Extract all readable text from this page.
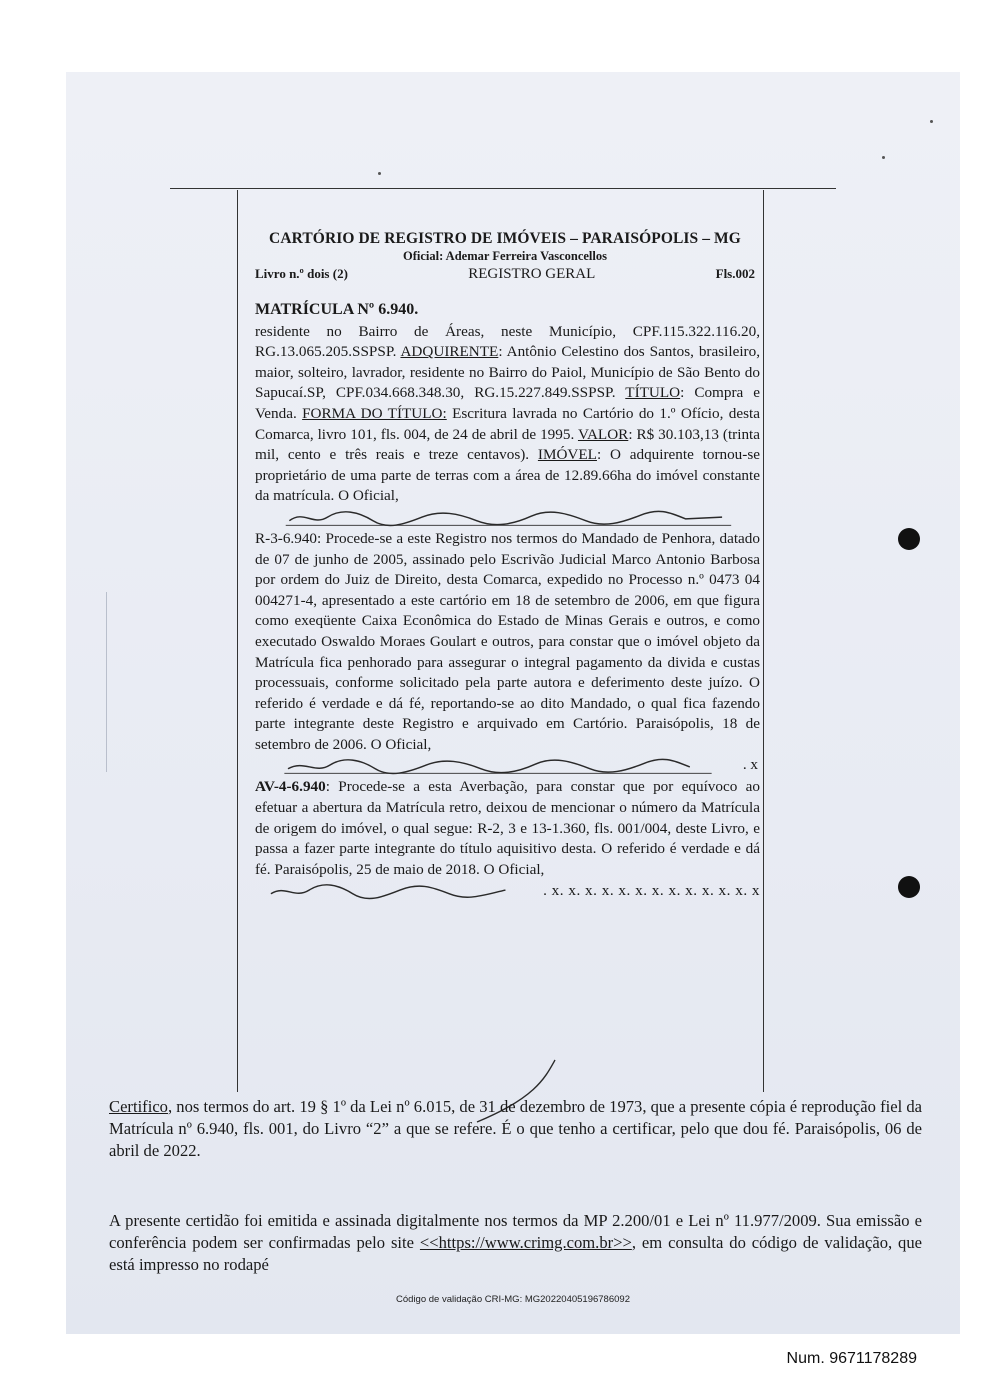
CARTÓRIO DE REGISTRO DE IMÓVEIS – PARAISÓPOLIS – MG
Oficial: Ademar Ferreira Vasconcellos
Livro n.º dois (2)	REGISTRO GERAL	Fls.002
MATRÍCULA Nº 6.940.

residente no Bairro de Áreas, neste Município, CPF.115.322.116.20, RG.13.065.205.SSPSP. ADQUIRENTE: Antônio Celestino dos Santos, brasileiro, maior, solteiro, lavrador, residente no Bairro do Paiol, Município de São Bento do Sapucaí.SP, CPF.034.668.348.30, RG.15.227.849.SSPSP. TÍTULO: Compra e Venda. FORMA DO TÍTULO: Escritura lavrada no Cartório do 1.º Ofício, desta Comarca, livro 101, fls. 004, de 24 de abril de 1995. VALOR: R$ 30.103,13 (trinta mil, cento e três reais e treze centavos). IMÓVEL: O adquirente tornou-se proprietário de uma parte de terras com a área de 12.89.66ha do imóvel constante da matrícula. O Oficial,

R-3-6.940: Procede-se a este Registro nos termos do Mandado de Penhora, datado de 07 de junho de 2005, assinado pelo Escrivão Judicial Marco Antonio Barbosa por ordem do Juiz de Direito, desta Comarca, expedido no Processo n.º 0473 04 004271-4, apresentado a este cartório em 18 de setembro de 2006, em que figura como exeqüente Caixa Econômica do Estado de Minas Gerais e outros, e como executado Oswaldo Moraes Goulart e outros, para constar que o imóvel objeto da Matrícula fica penhorado para assegurar o integral pagamento da divida e custas processuais, conforme solicitado pela parte autora e deferimento deste juízo. O referido é verdade e dá fé, reportando-se ao dito Mandado, o qual fica fazendo parte integrante deste Registro e arquivado em Cartório. Paraisópolis, 18 de setembro de 2006. O Oficial,

. x

AV-4-6.940: Procede-se a esta Averbação, para constar que por equívoco ao efetuar a abertura da Matrícula retro, deixou de mencionar o número da Matrícula de origem do imóvel, o qual segue: R-2, 3 e 13-1.360, fls. 001/004, deste Livro, e passa a fazer parte integrante do título aquisitivo desta. O referido é verdade e dá fé. Paraisópolis, 25 de maio de 2018. O Oficial,

. x. x. x. x. x. x. x. x. x. x. x. x. x
Certifico, nos termos do art. 19 § 1º da Lei nº 6.015, de 31 de dezembro de 1973, que a presente cópia é reprodução fiel da Matrícula nº 6.940, fls. 001, do Livro “2” a que se refere. É o que tenho a certificar, pelo que dou fé. Paraisópolis, 06 de abril de 2022.
A presente certidão foi emitida e assinada digitalmente nos termos da MP 2.200/01 e Lei nº 11.977/2009. Sua emissão e conferência podem ser confirmadas pelo site <<https://www.crimg.com.br>>, em consulta do código de validação, que está impresso no rodapé
Código de validação CRI-MG: MG20220405196786092
Num. 9671178289
